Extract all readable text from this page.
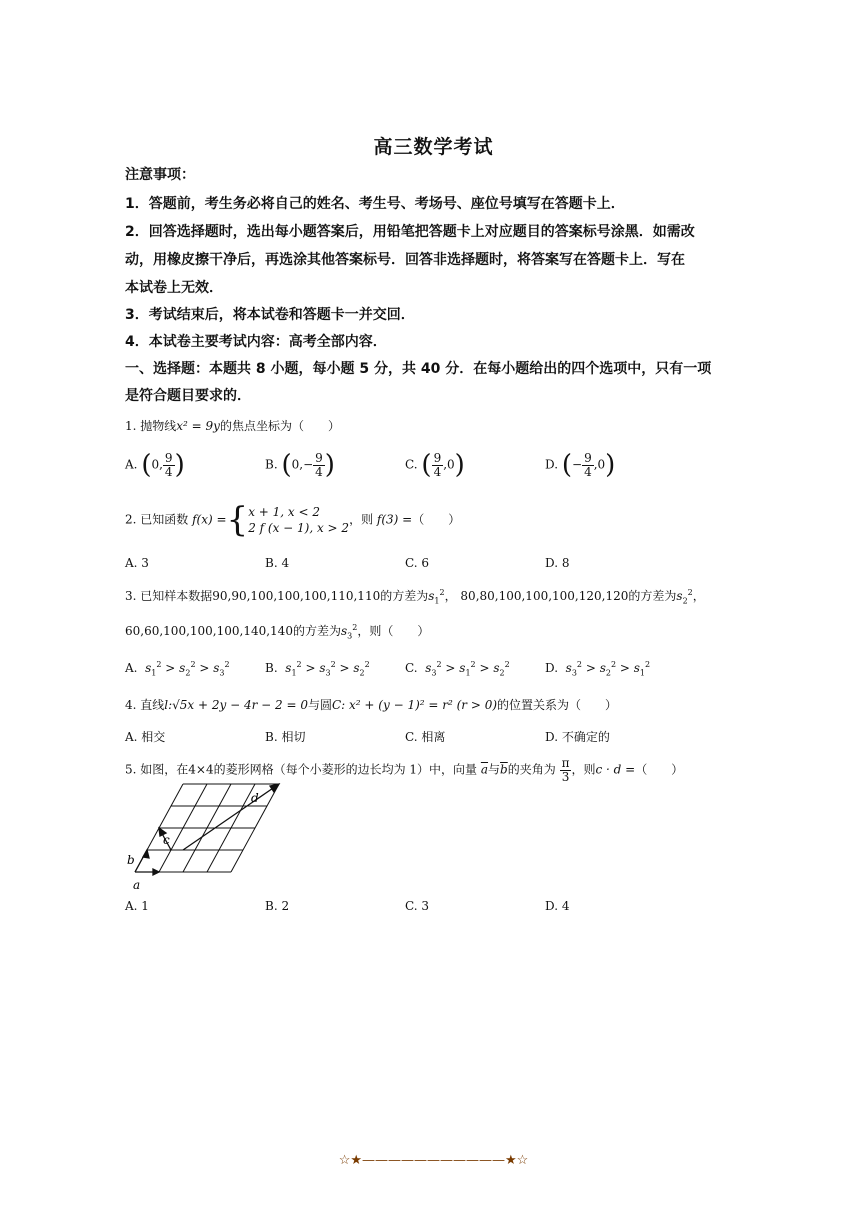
高三数学考试
注意事项：
1．答题前，考生务必将自己的姓名、考生号、考场号、座位号填写在答题卡上．
2．回答选择题时，选出每小题答案后，用铅笔把答题卡上对应题目的答案标号涂黑．如需改
动，用橡皮擦干净后，再选涂其他答案标号．回答非选择题时，将答案写在答题卡上．写在
本试卷上无效．
3．考试结束后，将本试卷和答题卡一并交回．
4．本试卷主要考试内容：高考全部内容．
一、选择题：本题共 8 小题，每小题 5 分，共 40 分．在每小题给出的四个选项中，只有一项
是符合题目要求的．
1. 抛物线x² = 9y的焦点坐标为（　　）
A. (0, $\frac{9}{4}$ )	B. ($0,- \frac{9}{4}$ )	C. ( $\frac{9}{4} ,0$)	D. (− $\frac{9}{4} ,0$)
2. 已知函数 f(x) ={ x + 1, x < 2
2 f (x − 1), x > 2
，则 f(3) =（　　）
A. 3	B. 4	C. 6	D. 8
3. 已知样本数据90,90,100,100,100,110,110的方差为$s_1^2$， 80,80,100,100,100,120,120的方差为$s_2^2$，
60,60,100,100,100,140,140的方差为$s_3^2$，则（　　）
A. $s_1^2 > s_2^2 > s_3^2$	B. $s_1^2 > s_3^2 > s_2^2$	C. $s_3^2 > s_1^2 > s_2^2$	D. $s_3^2 > s_2^2 > s_1^2$
4. 直线l:√5x + 2y − 4r − 2 = 0与圆C: x² + (y − 1)² = r² (r > 0)的位置关系为（　　）
A. 相交	B. 相切	C. 相离	D. 不确定的
5. 如图，在4×4的菱形网格（每个小菱形的边长均为 1）中，向量 $\overline{a}$与$\overline{b}$的夹角为 $\frac{\pi}{3}$ ，则c · d =（　　）
a
b
c
d
A. 1	B. 2	C. 3	D. 4
☆★———————————★☆
